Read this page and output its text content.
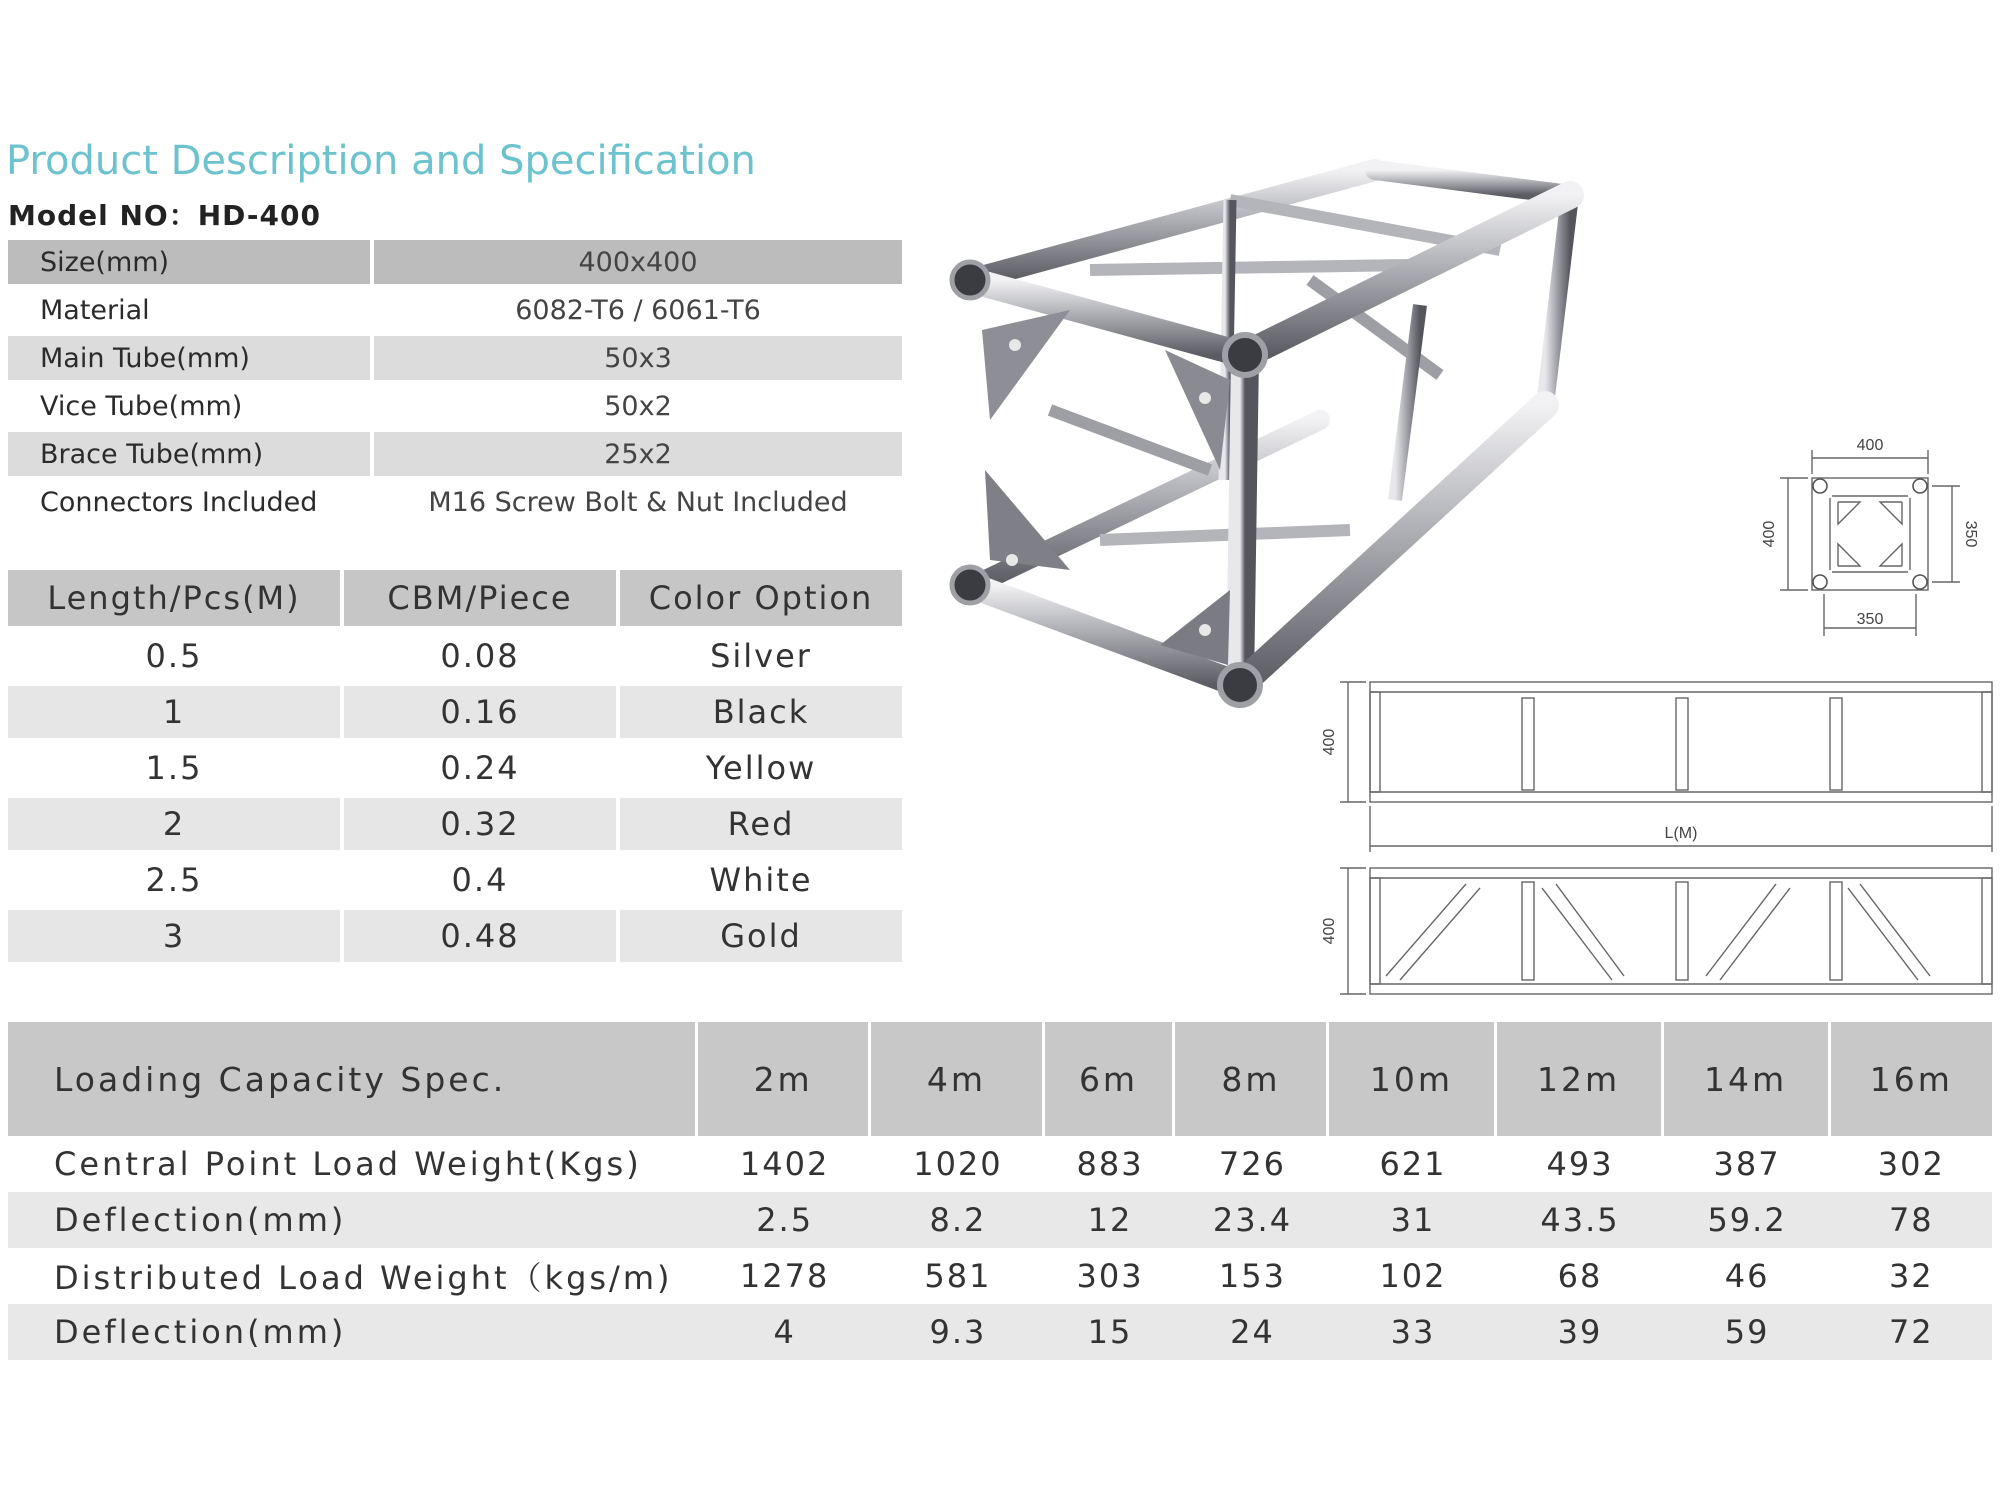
Product Description and Specification
Model NO：HD-400
Size(mm)	400x400
Material	6082-T6 / 6061-T6
Main Tube(mm)	50x3
Vice Tube(mm)	50x2
Brace Tube(mm)	25x2
Connectors Included	M16 Screw Bolt & Nut Included
Length/Pcs(M)	CBM/Piece	Color Option
0.5	0.08	Silver
1	0.16	Black
1.5	0.24	Yellow
2	0.32	Red
2.5	0.4	White
3	0.48	Gold
400
350
400	350
400
L(M)
400
Loading Capacity Spec.	2m	4m	6m	8m	10m	12m	14m	16m
Central Point Load Weight(Kgs)	1402	1020	883	726	621	493	387	302
Deflection(mm)	2.5	8.2	12	23.4	31	43.5	59.2	78
Distributed Load Weight（kgs/m)	1278	581	303	153	102	68	46	32
Deflection(mm)	4	9.3	15	24	33	39	59	72
